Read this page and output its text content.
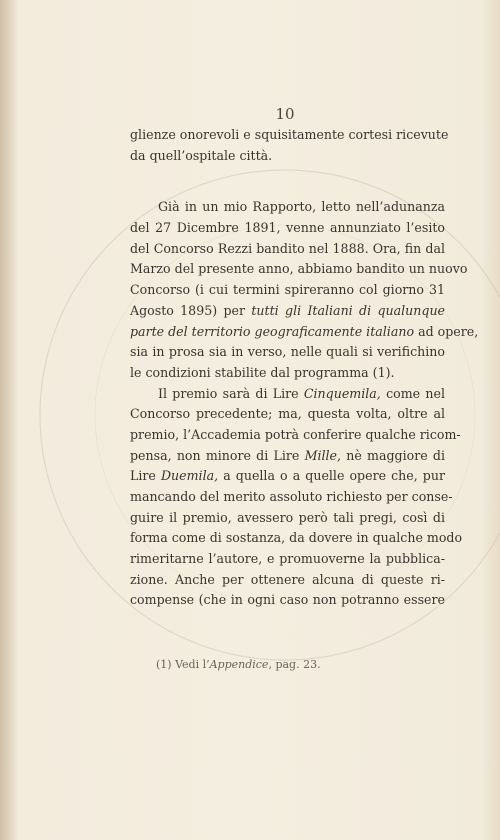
10
glienze onorevoli e squisitamente cortesi ricevute
da quell’ospitale città.
Già in un mio Rapporto, letto nell’adunanza
del 27 Dicembre 1891, venne annunziato l’esito
del Concorso Rezzi bandito nel 1888. Ora, fin dal
Marzo del presente anno, abbiamo bandito un nuovo
Concorso (i cui termini spireranno col giorno 31
Agosto 1895) per tutti gli Italiani di qualunque
parte del territorio geograficamente italiano ad opere,
sia in prosa sia in verso, nelle quali si verifichino
le condizioni stabilite dal programma (1).
Il premio sarà di Lire Cinquemila, come nel
Concorso precedente; ma, questa volta, oltre al
premio, l’Accademia potrà conferire qualche ricom-
pensa, non minore di Lire Mille, nè maggiore di
Lire Duemila, a quella o a quelle opere che, pur
mancando del merito assoluto richiesto per conse-
guire il premio, avessero però tali pregi, così di
forma come di sostanza, da dovere in qualche modo
rimeritarne l’autore, e promuoverne la pubblica-
zione. Anche per ottenere alcuna di queste ri-
compense (che in ogni caso non potranno essere
(1) Vedi l’Appendice, pag. 23.
